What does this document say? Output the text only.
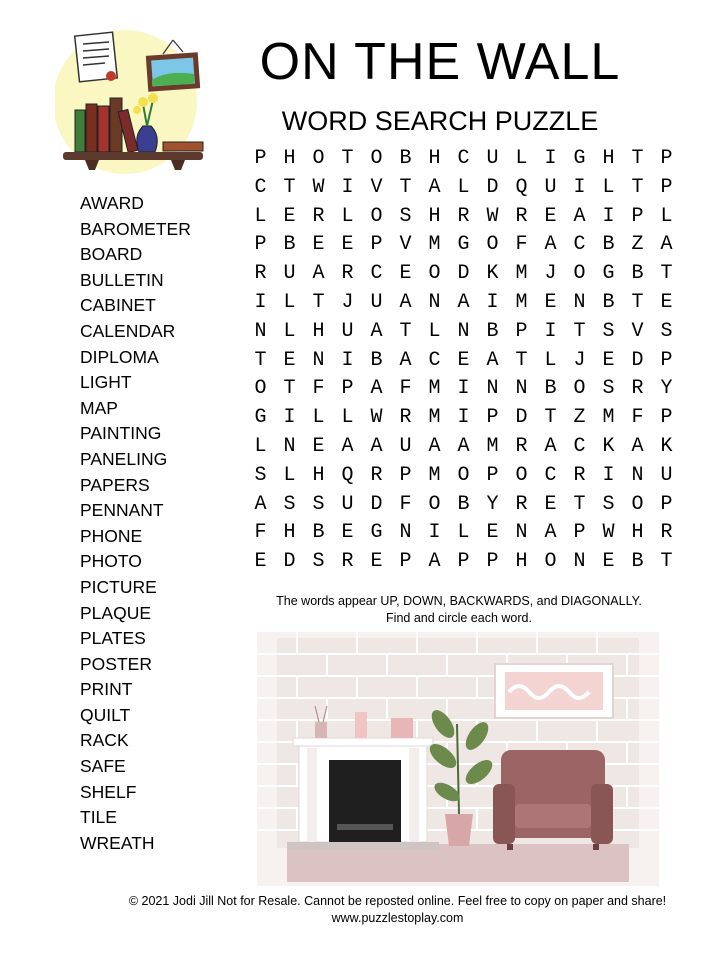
ON THE WALL
WORD SEARCH PUZZLE
AWARD
BAROMETER
BOARD
BULLETIN
CABINET
CALENDAR
DIPLOMA
LIGHT
MAP
PAINTING
PANELING
PAPERS
PENNANT
PHONE
PHOTO
PICTURE
PLAQUE
PLATES
POSTER
PRINT
QUILT
RACK
SAFE
SHELF
TILE
WREATH
P H O T O B H C U L I G H T P
C T W I V T A L D Q U I L T P
L E R L O S H R W R E A I P L
P B E E P V M G O F A C B Z A
R U A R C E O D K M J O G B T
I L T J U A N A I M E N B T E
N L H U A T L N B P I T S V S
T E N I B A C E A T L J E D P
O T F P A F M I N N B O S R Y
G I L L W R M I P D T Z M F P
L N E A A U A A M R A C K A K
S L H Q R P M O P O C R I N U
A S S U D F O B Y R E T S O P
F H B E G N I L E N A P W H R
E D S R E P A P P H O N E B T
The words appear UP, DOWN, BACKWARDS, and DIAGONALLY.
Find and circle each word.
© 2021 Jodi Jill Not for Resale. Cannot be reposted online. Feel free to copy on paper and share!
www.puzzlestoplay.com
